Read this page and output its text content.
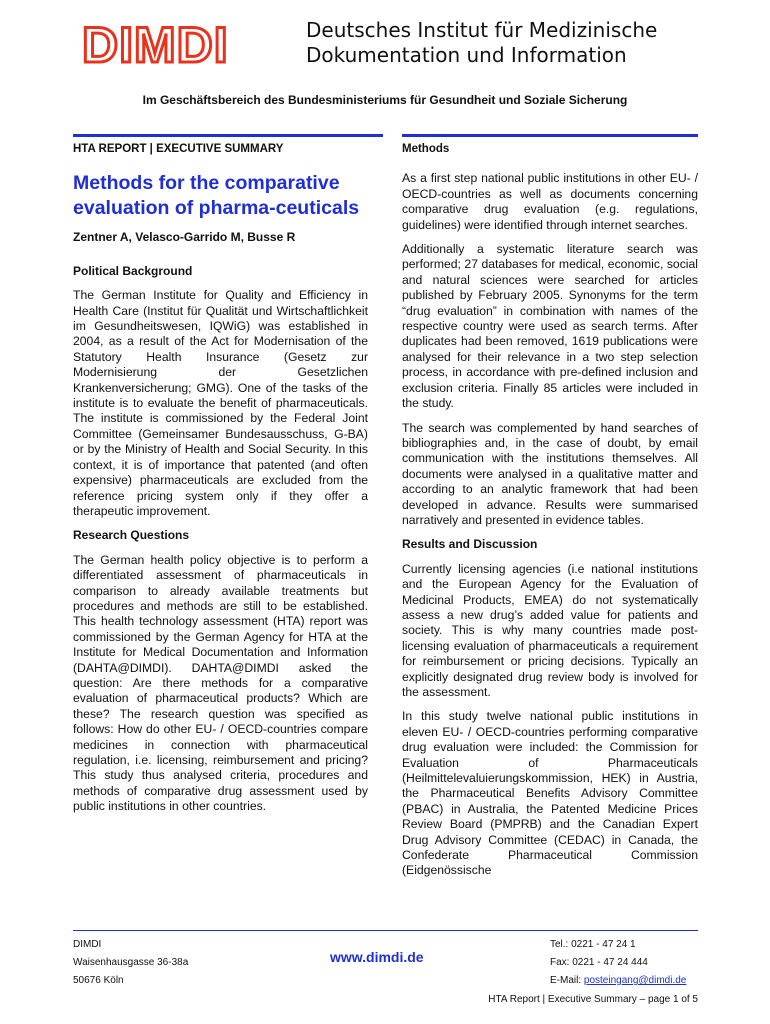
DIMDI	Deutsches Institut für Medizinische
Dokumentation und Information
Im Geschäftsbereich des Bundesministeriums für Gesundheit und Soziale Sicherung
HTA REPORT | EXECUTIVE SUMMARY
Methods for the comparative evaluation of pharma-ceuticals
Zentner A, Velasco-Garrido M, Busse R
Political Background

The German Institute for Quality and Efficiency in Health Care (Institut für Qualität und Wirtschaftlichkeit im Gesundheitswesen, IQWiG) was established in 2004, as a result of the Act for Modernisation of the Statutory Health Insurance (Gesetz zur Modernisierung der Gesetzlichen Krankenversicherung; GMG). One of the tasks of the institute is to evaluate the benefit of pharmaceuticals. The institute is commissioned by the Federal Joint Committee (Gemeinsamer Bundesausschuss, G-BA) or by the Ministry of Health and Social Security. In this context, it is of importance that patented (and often expensive) pharmaceuticals are excluded from the reference pricing system only if they offer a therapeutic improvement.

Research Questions

The German health policy objective is to perform a differentiated assessment of pharmaceuticals in comparison to already available treatments but procedures and methods are still to be established. This health technology assessment (HTA) report was commissioned by the German Agency for HTA at the Institute for Medical Documentation and Information (DAHTA@DIMDI). DAHTA@DIMDI asked the question: Are there methods for a comparative evaluation of pharmaceutical products? Which are these? The research question was specified as follows: How do other EU- / OECD-countries compare medicines in connection with pharmaceutical regulation, i.e. licensing, reimbursement and pricing? This study thus analysed criteria, procedures and methods of comparative drug assessment used by public institutions in other countries.

Methods

As a first step national public institutions in other EU- / OECD-countries as well as documents concerning comparative drug evaluation (e.g. regulations, guidelines) were identified through internet searches.

Additionally a systematic literature search was performed; 27 databases for medical, economic, social and natural sciences were searched for articles published by February 2005. Synonyms for the term “drug evaluation” in combination with names of the respective country were used as search terms. After duplicates had been removed, 1619 publications were analysed for their relevance in a two step selection process, in accordance with pre-defined inclusion and exclusion criteria. Finally 85 articles were included in the study.

The search was complemented by hand searches of bibliographies and, in the case of doubt, by email communication with the institutions themselves. All documents were analysed in a qualitative matter and according to an analytic framework that had been developed in advance. Results were summarised narratively and presented in evidence tables.

Results and Discussion

Currently licensing agencies (i.e national institutions and the European Agency for the Evaluation of Medicinal Products, EMEA) do not systematically assess a new drug’s added value for patients and society. This is why many countries made post-licensing evaluation of pharmaceuticals a requirement for reimbursement or pricing decisions. Typically an explicitly designated drug review body is involved for the assessment.

In this study twelve national public institutions in eleven EU- / OECD-countries performing comparative drug evaluation were included: the Commission for Evaluation of Pharmaceuticals (Heilmittelevaluierungskommission, HEK) in Austria, the Pharmaceutical Benefits Advisory Committee (PBAC) in Australia, the Patented Medicine Prices Review Board (PMPRB) and the Canadian Expert Drug Advisory Committee (CEDAC) in Canada, the Confederate Pharmaceutical Commission (Eidgenössische

DIMDI
Waisenhausgasse 36-38a
50676 Köln
www.dimdi.de
Tel.: 0221 - 47 24 1
Fax: 0221 - 47 24 444
E-Mail: posteingang@dimdi.de
HTA Report | Executive Summary – page 1 of 5
